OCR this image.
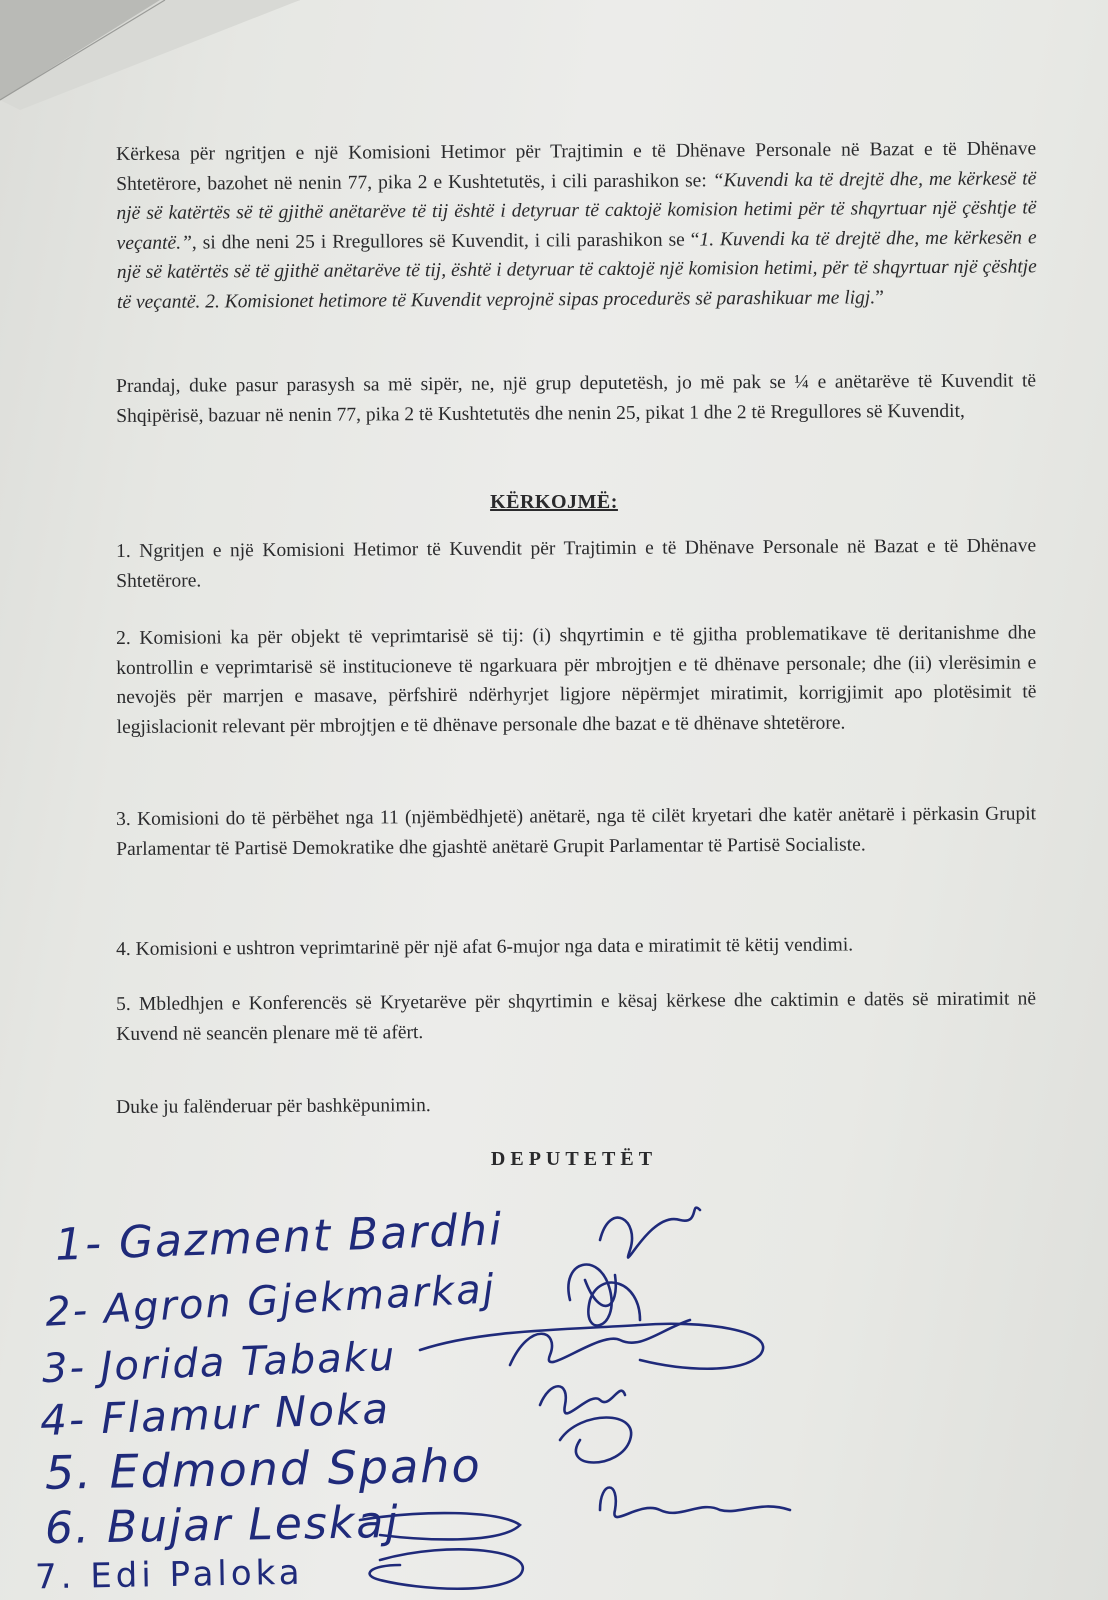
Kërkesa për ngritjen e një Komisioni Hetimor për Trajtimin e të Dhënave Personale në Bazat e të Dhënave Shtetërore, bazohet në nenin 77, pika 2 e Kushtetutës, i cili parashikon se: “Kuvendi ka të drejtë dhe, me kërkesë të një së katërtës së të gjithë anëtarëve të tij është i detyruar të caktojë komision hetimi për të shqyrtuar një çështje të veçantë.”, si dhe neni 25 i Rregullores së Kuvendit, i cili parashikon se “1. Kuvendi ka të drejtë dhe, me kërkesën e një së katërtës së të gjithë anëtarëve të tij, është i detyruar të caktojë një komision hetimi, për të shqyrtuar një çështje të veçantë. 2. Komisionet hetimore të Kuvendit veprojnë sipas procedurës së parashikuar me ligj.”

Prandaj, duke pasur parasysh sa më sipër, ne, një grup deputetësh, jo më pak se ¼ e anëtarëve të Kuvendit të Shqipërisë, bazuar në nenin 77, pika 2 të Kushtetutës dhe nenin 25, pikat 1 dhe 2 të Rregullores së Kuvendit,

KËRKOJMË:

1. Ngritjen e një Komisioni Hetimor të Kuvendit për Trajtimin e të Dhënave Personale në Bazat e të Dhënave Shtetërore.

2. Komisioni ka për objekt të veprimtarisë së tij: (i) shqyrtimin e të gjitha problematikave të deritanishme dhe kontrollin e veprimtarisë së institucioneve të ngarkuara për mbrojtjen e të dhënave personale; dhe (ii) vlerësimin e nevojës për marrjen e masave, përfshirë ndërhyrjet ligjore nëpërmjet miratimit, korrigjimit apo plotësimit të legjislacionit relevant për mbrojtjen e të dhënave personale dhe bazat e të dhënave shtetërore.

3. Komisioni do të përbëhet nga 11 (njëmbëdhjetë) anëtarë, nga të cilët kryetari dhe katër anëtarë i përkasin Grupit Parlamentar të Partisë Demokratike dhe gjashtë anëtarë Grupit Parlamentar të Partisë Socialiste.

4. Komisioni e ushtron veprimtarinë për një afat 6-mujor nga data e miratimit të këtij vendimi.

5. Mbledhjen e Konferencës së Kryetarëve për shqyrtimin e kësaj kërkese dhe caktimin e datës së miratimit në Kuvend në seancën plenare më të afërt.

Duke ju falënderuar për bashkëpunimin.

DEPUTETËT
1- Gazment Bardhi
2- Agron Gjekmarkaj
3- Jorida Tabaku
4- Flamur Noka
5. Edmond Spaho
6. Bujar Leskaj
7. Edi Paloka
